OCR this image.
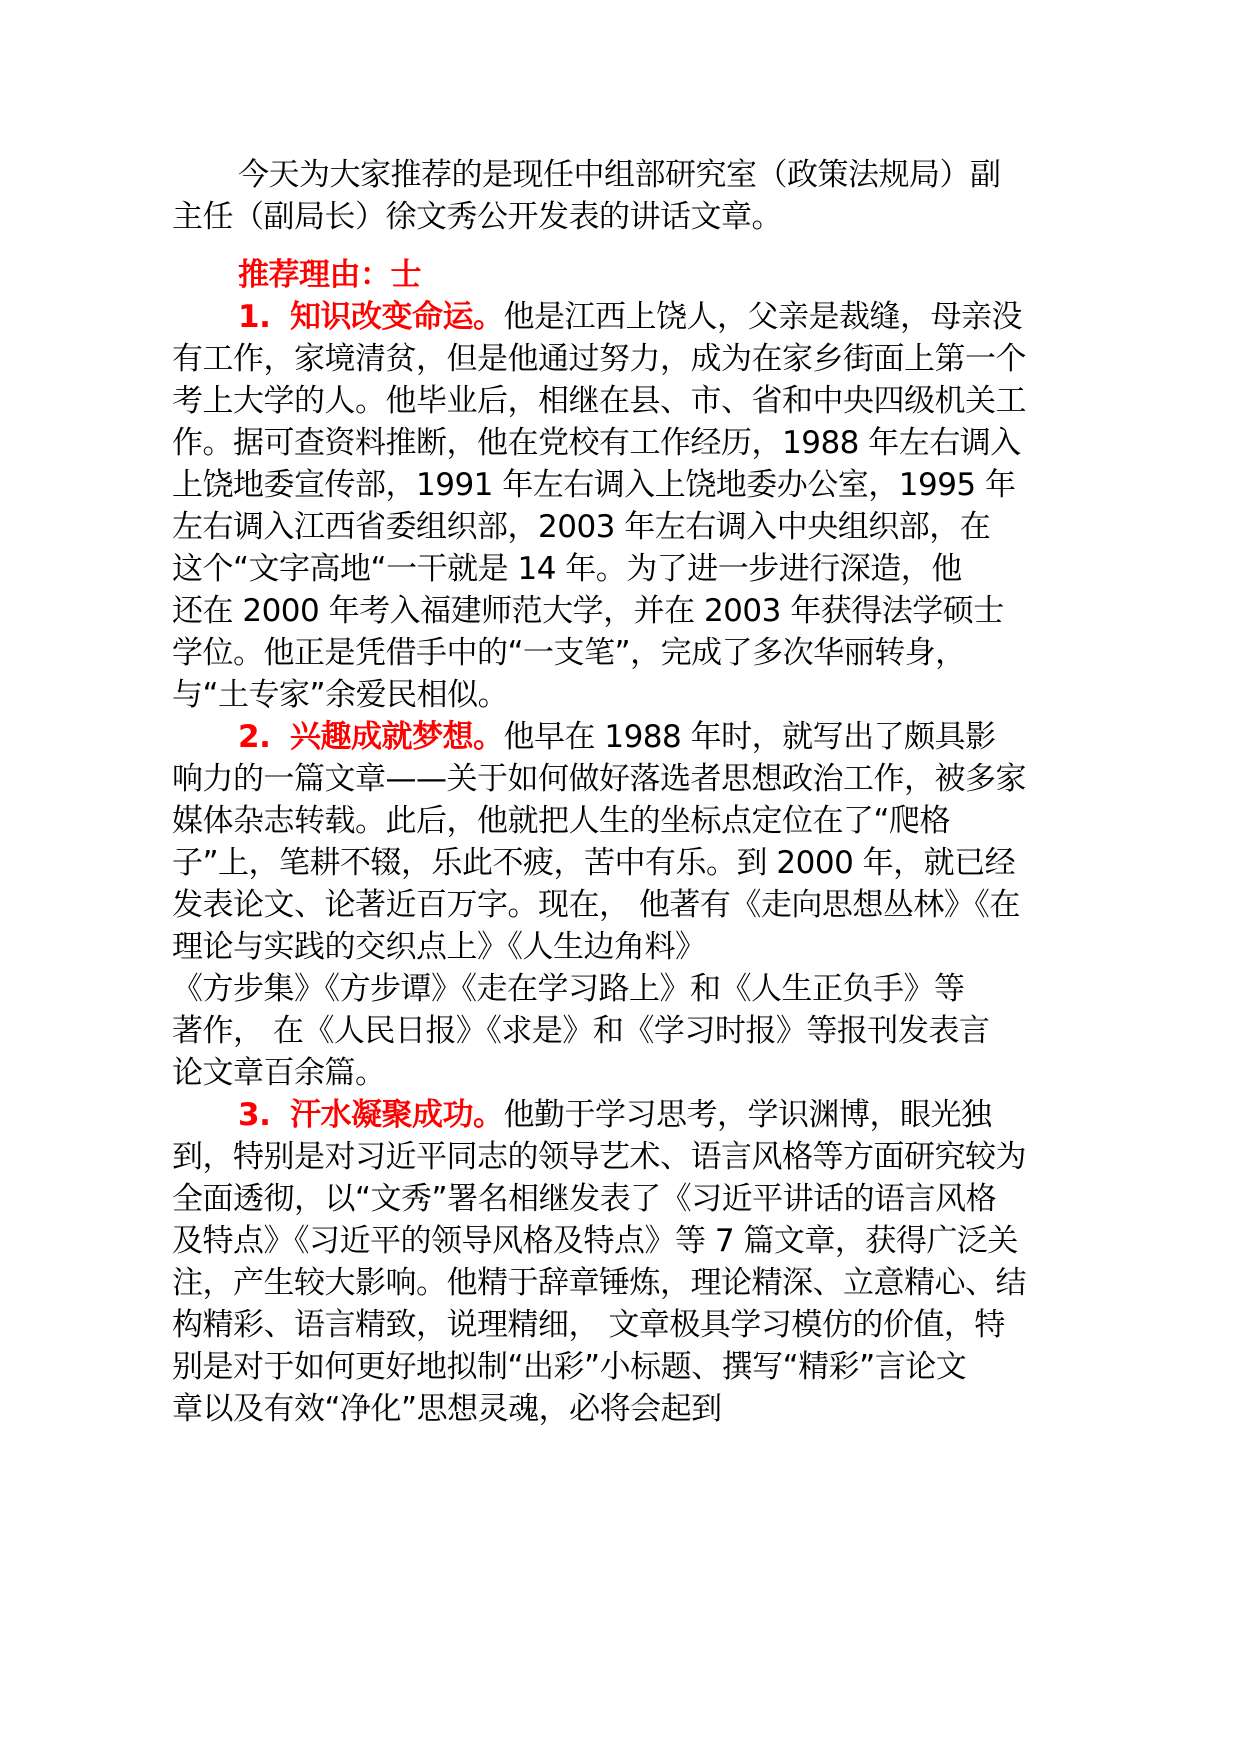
今天为大家推荐的是现任中组部研究室（政策法规局）副
主任（副局长）徐文秀公开发表的讲话文章。
推荐理由：士
1. 知识改变命运。他是江西上饶人，父亲是裁缝，母亲没
有工作，家境清贫，但是他通过努力，成为在家乡街面上第一个
考上大学的人。他毕业后，相继在县、市、省和中央四级机关工
作。据可查资料推断，他在党校有工作经历，1988 年左右调入
上饶地委宣传部，1991 年左右调入上饶地委办公室，1995 年
左右调入江西省委组织部，2003 年左右调入中央组织部，在
这个“文字高地“一干就是 14 年。为了进一步进行深造，他
还在 2000 年考入福建师范大学，并在 2003 年获得法学硕士
学位。他正是凭借手中的“一支笔”，完成了多次华丽转身，
与“土专家”余爱民相似。
2. 兴趣成就梦想。他早在 1988 年时，就写出了颇具影
响力的一篇文章——关于如何做好落选者思想政治工作，被多家
媒体杂志转载。此后，他就把人生的坐标点定位在了“爬格
子”上，笔耕不辍，乐此不疲，苦中有乐。到 2000 年，就已经
发表论文、论著近百万字。现在， 他著有《走向思想丛林》《在
理论与实践的交织点上》《人生边角料》
《方步集》《方步谭》《走在学习路上》和《人生正负手》等
著作， 在《人民日报》《求是》和《学习时报》等报刊发表言
论文章百余篇。
3. 汗水凝聚成功。他勤于学习思考，学识渊博，眼光独
到，特别是对习近平同志的领导艺术、语言风格等方面研究较为
全面透彻，以“文秀”署名相继发表了《习近平讲话的语言风格
及特点》《习近平的领导风格及特点》等 7 篇文章，获得广泛关
注，产生较大影响。他精于辞章锤炼，理论精深、立意精心、结
构精彩、语言精致，说理精细， 文章极具学习模仿的价值，特
别是对于如何更好地拟制“出彩”小标题、撰写“精彩”言论文
章以及有效“净化”思想灵魂，必将会起到
